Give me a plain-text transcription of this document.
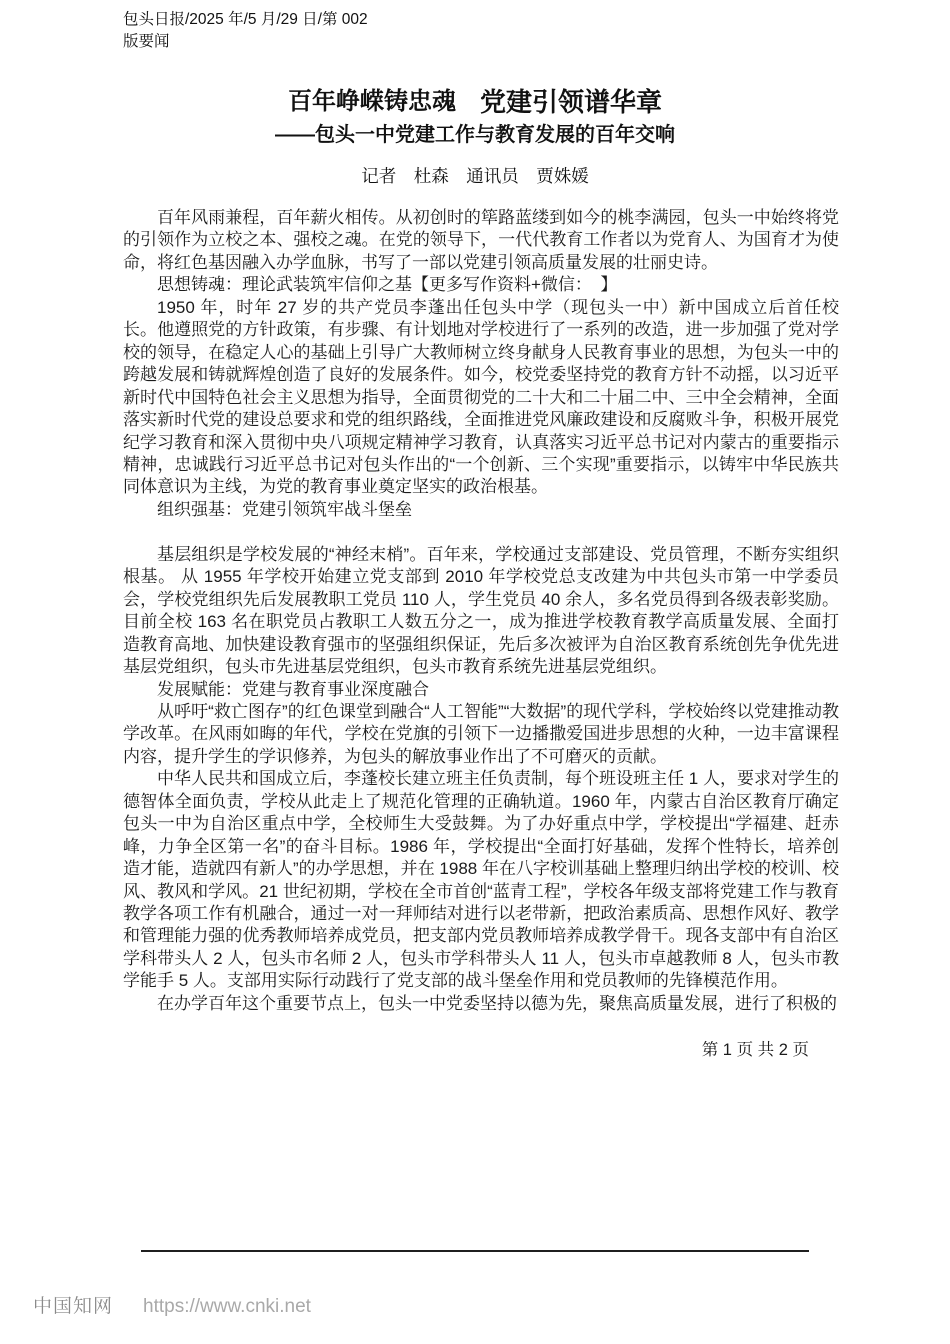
包头日报/2025 年/5 月/29 日/第 002
版要闻
百年峥嵘铸忠魂 党建引领谱华章
——包头一中党建工作与教育发展的百年交响
记者　杜森　通讯员　贾姝媛

百年风雨兼程，百年薪火相传。从初创时的筚路蓝缕到如今的桃李满园，包头一中始终将党的引领作为立校之本、强校之魂。在党的领导下，一代代教育工作者以为党育人、为国育才为使命，将红色基因融入办学血脉，书写了一部以党建引领高质量发展的壮丽史诗。

思想铸魂：理论武装筑牢信仰之基【更多写作资料+微信：　】

1950 年，时年 27 岁的共产党员李蓬出任包头中学（现包头一中）新中国成立后首任校长。他遵照党的方针政策，有步骤、有计划地对学校进行了一系列的改造，进一步加强了党对学校的领导，在稳定人心的基础上引导广大教师树立终身献身人民教育事业的思想，为包头一中的跨越发展和铸就辉煌创造了良好的发展条件。如今，校党委坚持党的教育方针不动摇，以习近平新时代中国特色社会主义思想为指导，全面贯彻党的二十大和二十届二中、三中全会精神，全面落实新时代党的建设总要求和党的组织路线，全面推进党风廉政建设和反腐败斗争，积极开展党纪学习教育和深入贯彻中央八项规定精神学习教育，认真落实习近平总书记对内蒙古的重要指示精神，忠诚践行习近平总书记对包头作出的“一个创新、三个实现”重要指示，以铸牢中华民族共同体意识为主线，为党的教育事业奠定坚实的政治根基。

组织强基：党建引领筑牢战斗堡垒

基层组织是学校发展的“神经末梢”。百年来，学校通过支部建设、党员管理，不断夯实组织根基。 从 1955 年学校开始建立党支部到 2010 年学校党总支改建为中共包头市第一中学委员会，学校党组织先后发展教职工党员 110 人，学生党员 40 余人，多名党员得到各级表彰奖励。目前全校 163 名在职党员占教职工人数五分之一，成为推进学校教育教学高质量发展、全面打造教育高地、加快建设教育强市的坚强组织保证，先后多次被评为自治区教育系统创先争优先进基层党组织，包头市先进基层党组织，包头市教育系统先进基层党组织。

发展赋能：党建与教育事业深度融合

从呼吁“救亡图存”的红色课堂到融合“人工智能”“大数据”的现代学科，学校始终以党建推动教学改革。在风雨如晦的年代，学校在党旗的引领下一边播撒爱国进步思想的火种，一边丰富课程内容，提升学生的学识修养，为包头的解放事业作出了不可磨灭的贡献。

中华人民共和国成立后，李蓬校长建立班主任负责制，每个班设班主任 1 人，要求对学生的德智体全面负责，学校从此走上了规范化管理的正确轨道。1960 年，内蒙古自治区教育厅确定包头一中为自治区重点中学，全校师生大受鼓舞。为了办好重点中学，学校提出“学福建、赶赤峰，力争全区第一名”的奋斗目标。1986 年，学校提出“全面打好基础，发挥个性特长，培养创造才能，造就四有新人”的办学思想，并在 1988 年在八字校训基础上整理归纳出学校的校训、校风、教风和学风。21 世纪初期，学校在全市首创“蓝青工程”，学校各年级支部将党建工作与教育教学各项工作有机融合，通过一对一拜师结对进行以老带新，把政治素质高、思想作风好、教学和管理能力强的优秀教师培养成党员，把支部内党员教师培养成教学骨干。现各支部中有自治区学科带头人 2 人，包头市名师 2 人，包头市学科带头人 11 人，包头市卓越教师 8 人，包头市教学能手 5 人。支部用实际行动践行了党支部的战斗堡垒作用和党员教师的先锋模范作用。

在办学百年这个重要节点上，包头一中党委坚持以德为先，聚焦高质量发展，进行了积极的

第 1 页 共 2 页
中国知网 https://www.cnki.net
